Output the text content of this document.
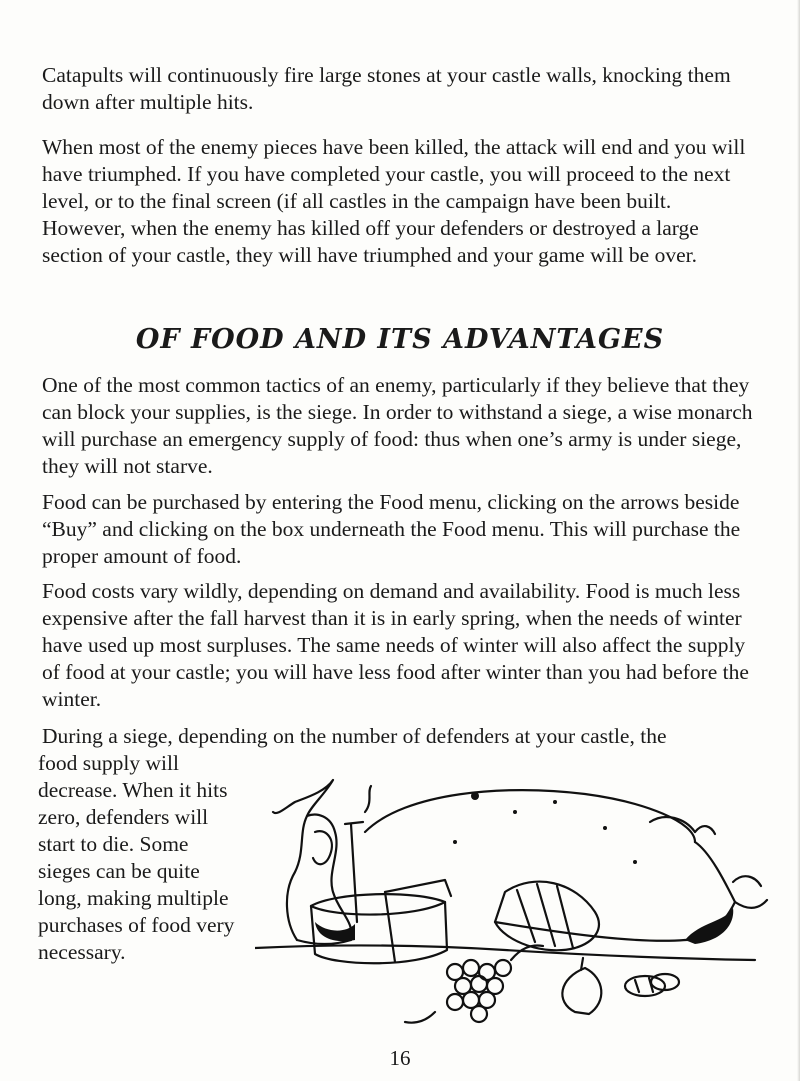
Catapults will continuously fire large stones at your castle walls, knocking them down after multiple hits.

When most of the enemy pieces have been killed, the attack will end and you will have triumphed. If you have completed your castle, you will proceed to the next level, or to the final screen (if all castles in the campaign have been built. However, when the enemy has killed off your defenders or destroyed a large section of your castle, they will have triumphed and your game will be over.

OF FOOD AND ITS ADVANTAGES

One of the most common tactics of an enemy, particularly if they believe that they can block your supplies, is the siege. In order to withstand a siege, a wise monarch will purchase an emergency supply of food: thus when one’s army is under siege, they will not starve.

Food can be purchased by entering the Food menu, clicking on the arrows beside “Buy” and clicking on the box underneath the Food menu. This will purchase the proper amount of food.

Food costs vary wildly, depending on demand and availability. Food is much less expensive after the fall harvest than it is in early spring, when the needs of winter have used up most surpluses. The same needs of winter will also affect the supply of food at your castle; you will have less food after winter than you had before the winter.

During a siege, depending on the number of defenders at your castle, the

food supply will decrease. When it hits zero, defenders will start to die. Some sieges can be quite long, making multiple purchases of food very necessary.

16
